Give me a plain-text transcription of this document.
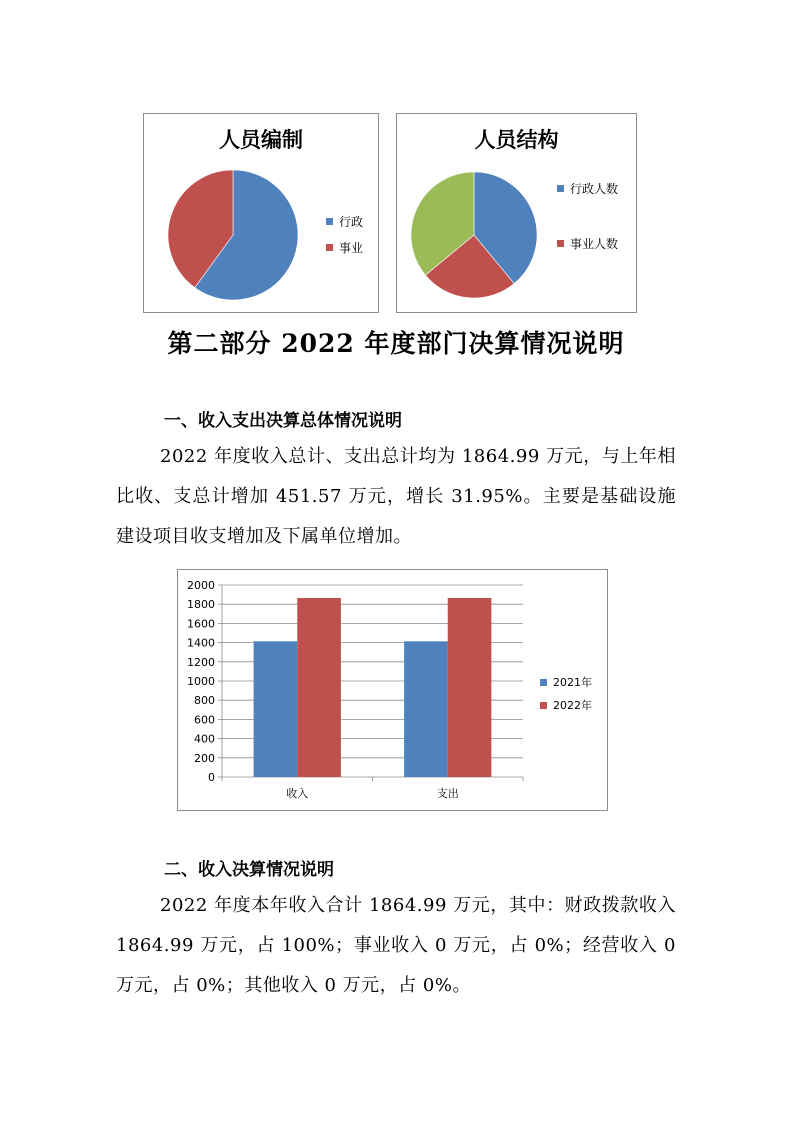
人员编制
行政
事业
人员结构
行政人数
事业人数
第二部分 2022 年度部门决算情况说明
一、收入支出决算总体情况说明
2022 年度收入总计、支出总计均为 1864.99 万元，与上年相比收、支总计增加 451.57 万元，增长 31.95%。主要是基础设施建设项目收支增加及下属单位增加。
0
200
400
600
800
1000
1200
1400
1600
1800
2000
收入	支出
2021年
2022年
二、收入决算情况说明
2022 年度本年收入合计 1864.99 万元，其中：财政拨款收入 1864.99 万元，占 100%；事业收入 0 万元，占 0%；经营收入 0 万元，占 0%；其他收入 0 万元，占 0%。
